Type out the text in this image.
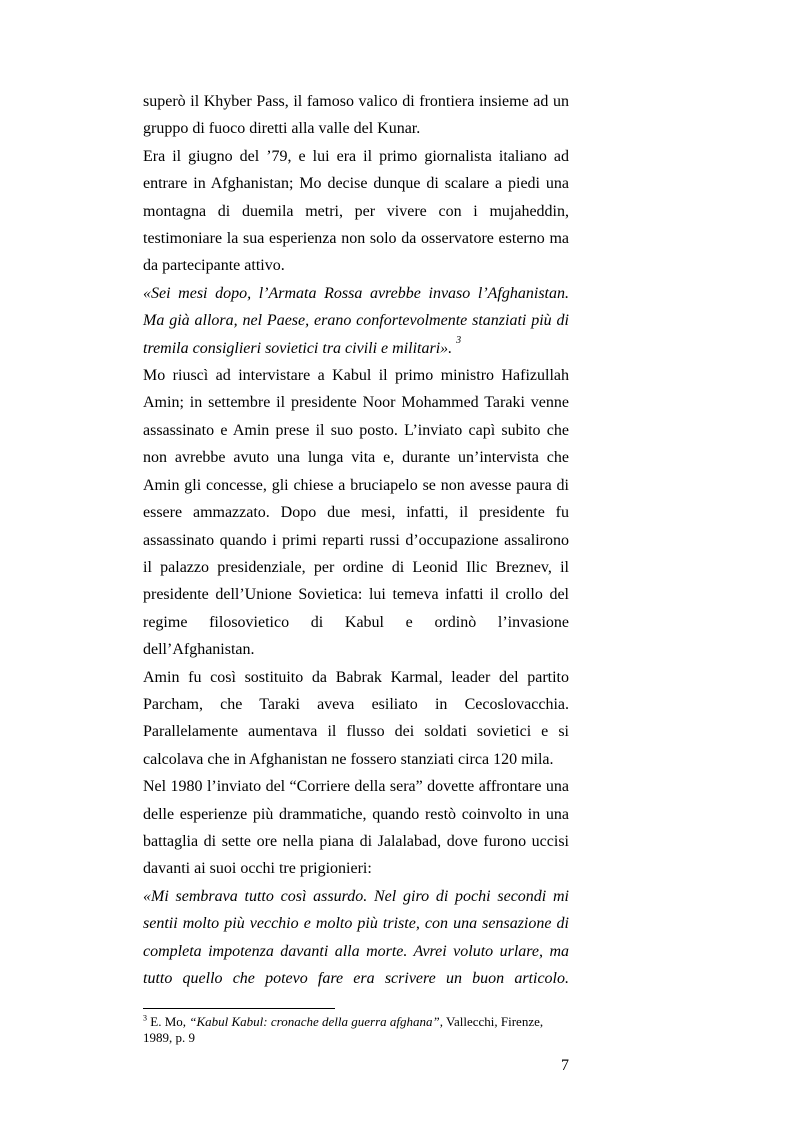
superò il Khyber Pass, il famoso valico di frontiera insieme ad un gruppo di fuoco diretti alla valle del Kunar.

Era il giugno del ’79, e lui era il primo giornalista italiano ad entrare in Afghanistan; Mo decise dunque di scalare a piedi una montagna di duemila metri, per vivere con i mujaheddin, testimoniare la sua esperienza non solo da osservatore esterno ma da partecipante attivo.

«Sei mesi dopo, l’Armata Rossa avrebbe invaso l’Afghanistan. Ma già allora, nel Paese, erano confortevolmente stanziati più di tremila consiglieri sovietici tra civili e militari». $^3$

Mo riuscì ad intervistare a Kabul il primo ministro Hafizullah Amin; in settembre il presidente Noor Mohammed Taraki venne assassinato e Amin prese il suo posto. L’inviato capì subito che non avrebbe avuto una lunga vita e, durante un’intervista che Amin gli concesse, gli chiese a bruciapelo se non avesse paura di essere ammazzato. Dopo due mesi, infatti, il presidente fu assassinato quando i primi reparti russi d’occupazione assalirono il palazzo presidenziale, per ordine di Leonid Ilic Breznev, il presidente dell’Unione Sovietica: lui temeva infatti il crollo del regime filosovietico di Kabul e ordinò l’invasione dell’Afghanistan.

Amin fu così sostituito da Babrak Karmal, leader del partito Parcham, che Taraki aveva esiliato in Cecoslovacchia. Parallelamente aumentava il flusso dei soldati sovietici e si calcolava che in Afghanistan ne fossero stanziati circa 120 mila.

Nel 1980 l’inviato del “Corriere della sera” dovette affrontare una delle esperienze più drammatiche, quando restò coinvolto in una battaglia di sette ore nella piana di Jalalabad, dove furono uccisi davanti ai suoi occhi tre prigionieri:

«Mi sembrava tutto così assurdo. Nel giro di pochi secondi mi sentii molto più vecchio e molto più triste, con una sensazione di completa impotenza davanti alla morte. Avrei voluto urlare, ma tutto quello che potevo fare era scrivere un buon articolo.

$^3$ E. Mo, “Kabul Kabul: cronache della guerra afghana”, Vallecchi, Firenze, 1989, p. 9
7
